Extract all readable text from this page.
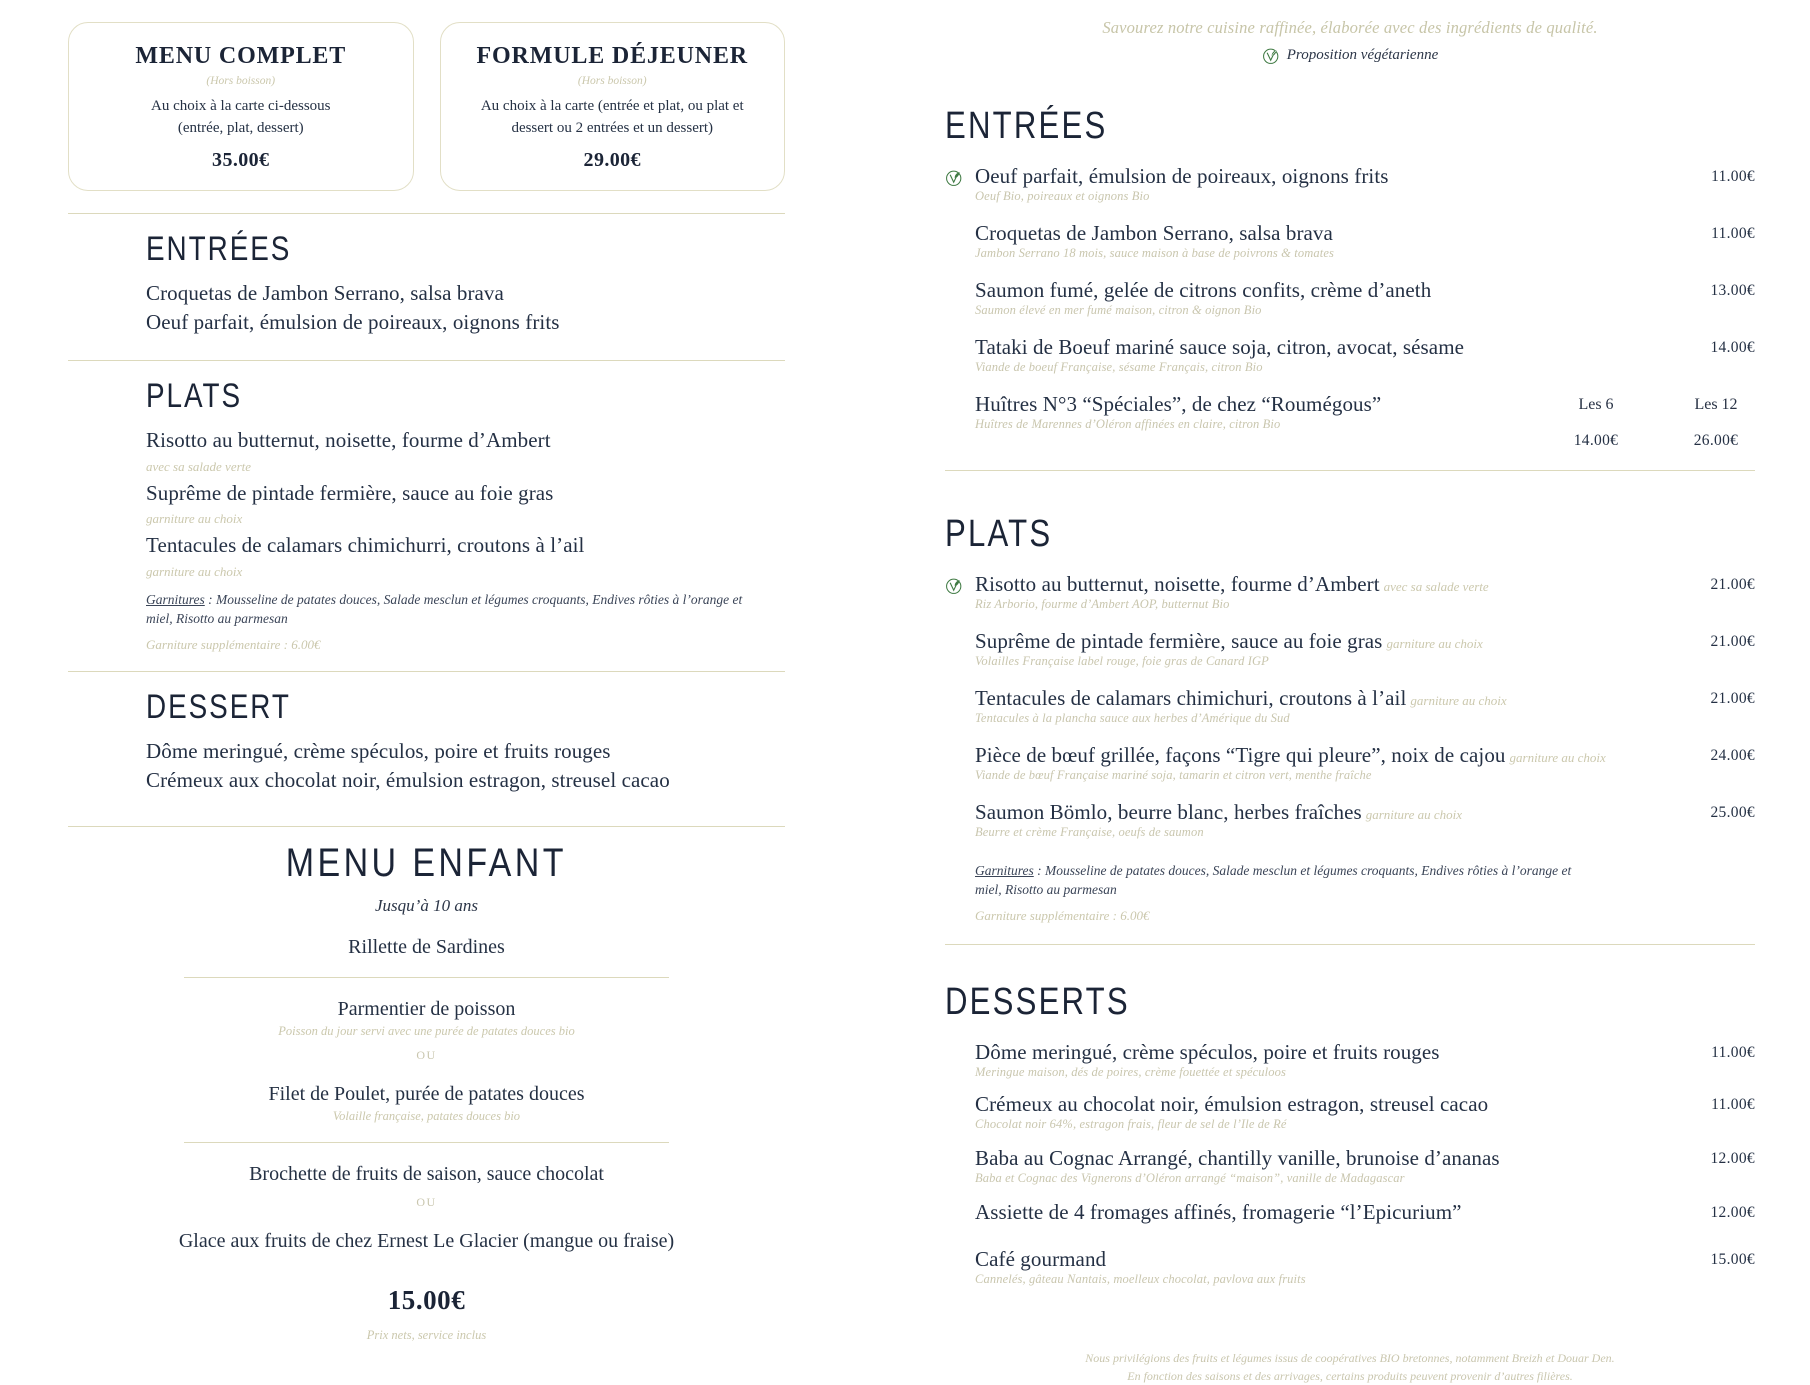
MENU COMPLET
(Hors boisson)
Au choix à la carte ci-dessous
(entrée, plat, dessert)
35.00€
FORMULE DÉJEUNER
(Hors boisson)
Au choix à la carte (entrée et plat, ou plat et
dessert ou 2 entrées et un dessert)
29.00€
ENTRÉES
Croquetas de Jambon Serrano, salsa brava
Oeuf parfait, émulsion de poireaux, oignons frits
PLATS
Risotto au butternut, noisette, fourme d’Ambert
avec sa salade verte
Suprême de pintade fermière, sauce au foie gras
garniture au choix
Tentacules de calamars chimichurri, croutons à l’ail
garniture au choix
Garnitures : Mousseline de patates douces, Salade mesclun et légumes croquants, Endives rôties à l’orange et miel, Risotto au parmesan
Garniture supplémentaire : 6.00€
DESSERT
Dôme meringué, crème spéculos, poire et fruits rouges
Crémeux aux chocolat noir, émulsion estragon, streusel cacao
MENU ENFANT
Jusqu’à 10 ans
Rillette de Sardines
Parmentier de poisson
Poisson du jour servi avec une purée de patates douces bio
OU
Filet de Poulet, purée de patates douces
Volaille française, patates douces bio
Brochette de fruits de saison, sauce chocolat
OU
Glace aux fruits de chez Ernest Le Glacier (mangue ou fraise)
15.00€
Prix nets, service inclus
Savourez notre cuisine raffinée, élaborée avec des ingrédients de qualité.
Proposition végétarienne
ENTRÉES
Oeuf parfait, émulsion de poireaux, oignons frits
Oeuf Bio, poireaux et oignons Bio
11.00€
Croquetas de Jambon Serrano, salsa brava
Jambon Serrano 18 mois, sauce maison à base de poivrons & tomates
11.00€
Saumon fumé, gelée de citrons confits, crème d’aneth
Saumon élevé en mer fumé maison, citron & oignon Bio
13.00€
Tataki de Boeuf mariné sauce soja, citron, avocat, sésame
Viande de boeuf Française, sésame Français, citron Bio
14.00€
Huîtres N°3 “Spéciales”, de chez “Roumégous”
Huîtres de Marennes d’Oléron affinées en claire, citron Bio
Les 6
14.00€
Les 12
26.00€
PLATS
Risotto au butternut, noisette, fourme d’Ambert avec sa salade verte
Riz Arborio, fourme d’Ambert AOP, butternut Bio
21.00€
Suprême de pintade fermière, sauce au foie gras garniture au choix
Volailles Française label rouge, foie gras de Canard IGP
21.00€
Tentacules de calamars chimichuri, croutons à l’ail garniture au choix
Tentacules à la plancha sauce aux herbes d’Amérique du Sud
21.00€
Pièce de bœuf grillée, façons “Tigre qui pleure”, noix de cajou garniture au choix
Viande de bœuf Française mariné soja, tamarin et citron vert, menthe fraîche
24.00€
Saumon Bömlo, beurre blanc, herbes fraîches garniture au choix
Beurre et crème Française, oeufs de saumon
25.00€
Garnitures : Mousseline de patates douces, Salade mesclun et légumes croquants, Endives rôties à l’orange et miel, Risotto au parmesan
Garniture supplémentaire : 6.00€
DESSERTS
Dôme meringué, crème spéculos, poire et fruits rouges
Meringue maison, dés de poires, crème fouettée et spéculoos
11.00€
Crémeux au chocolat noir, émulsion estragon, streusel cacao
Chocolat noir 64%, estragon frais, fleur de sel de l’Ile de Ré
11.00€
Baba au Cognac Arrangé, chantilly vanille, brunoise d’ananas
Baba et Cognac des Vignerons d’Oléron arrangé “maison”, vanille de Madagascar
12.00€
Assiette de 4 fromages affinés, fromagerie “l’Epicurium”	12.00€
Café gourmand
Cannelés, gâteau Nantais, moelleux chocolat, pavlova aux fruits
15.00€
Nous privilégions des fruits et légumes issus de coopératives BIO bretonnes, notamment Breizh et Douar Den.
En fonction des saisons et des arrivages, certains produits peuvent provenir d’autres filières.
